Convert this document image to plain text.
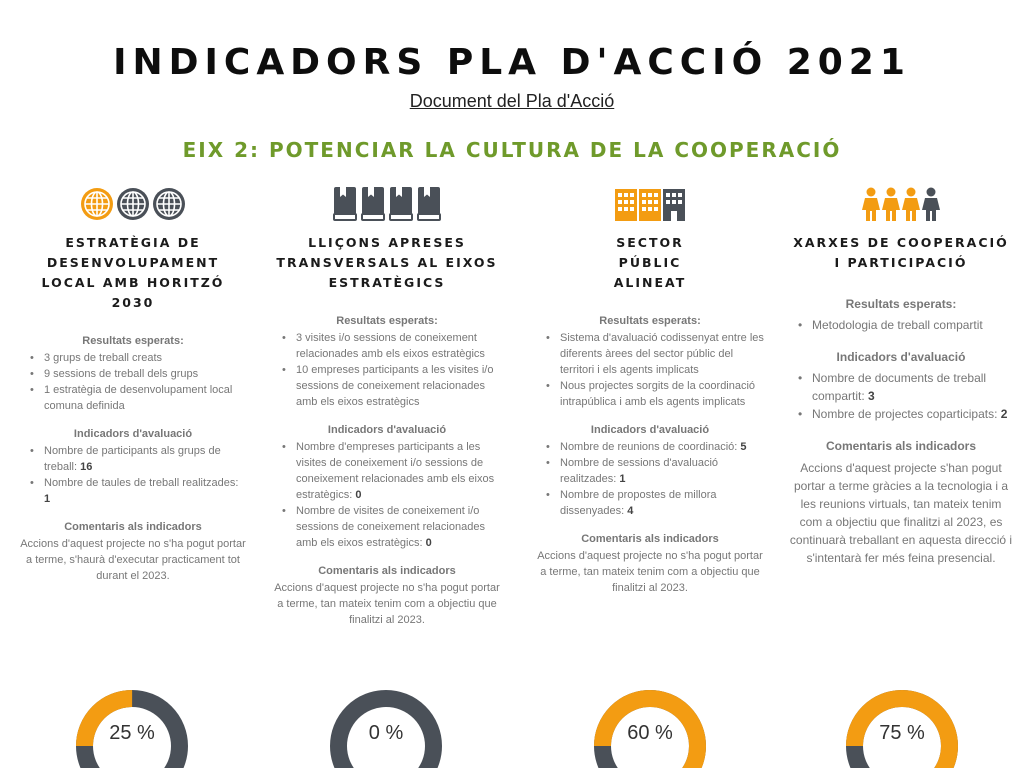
INDICADORS PLA D'ACCIÓ 2021
Document del Pla d'Acció
EIX 2: POTENCIAR LA CULTURA DE LA COOPERACIÓ
ESTRATÈGIA DE DESENVOLUPAMENT LOCAL AMB HORITZÓ 2030
Resultats esperats:
• 3 grups de treball creats
• 9 sessions de treball dels grups
• 1 estratègia de desenvolupament local comuna definida
Indicadors d'avaluació
• Nombre de participants als grups de treball: 16
• Nombre de taules de treball realitzades: 1
Comentaris als indicadors
Accions d'aquest projecte no s'ha pogut portar a terme, s'haurà d'executar practicament tot durant el 2023.
LLIÇONS APRESES TRANSVERSALS AL EIXOS ESTRATÈGICS
Resultats esperats:
• 3 visites i/o sessions de coneixement relacionades amb els eixos estratègics
• 10 empreses participants a les visites i/o sessions de coneixement relacionades amb els eixos estratègics
Indicadors d'avaluació
• Nombre d'empreses participants a les visites de coneixement i/o sessions de coneixement relacionades amb els eixos estratègics: 0
• Nombre de visites de coneixement i/o sessions de coneixement relacionades amb els eixos estratègics: 0
Comentaris als indicadors
Accions d'aquest projecte no s'ha pogut portar a terme, tan mateix tenim com a objectiu que finalitzi al 2023.
SECTOR PÚBLIC ALINEAT
Resultats esperats:
• Sistema d'avaluació codissenyat entre les diferents àrees del sector públic del territori i els agents implicats
• Nous projectes sorgits de la coordinació intrapública i amb els agents implicats
Indicadors d'avaluació
• Nombre de reunions de coordinació: 5
• Nombre de sessions d'avaluació realitzades: 1
• Nombre de propostes de millora dissenyades: 4
Comentaris als indicadors
Accions d'aquest projecte no s'ha pogut portar a terme, tan mateix tenim com a objectiu que finalitzi al 2023.
XARXES DE COOPERACIÓ I PARTICIPACIÓ
Resultats esperats:
• Metodologia de treball compartit
Indicadors d'avaluació
• Nombre de documents de treball compartit: 3
• Nombre de projectes coparticipats: 2
Comentaris als indicadors
Accions d'aquest projecte s'han pogut portar a terme gràcies a la tecnologia i a les reunions virtuals, tan mateix tenim com a objectiu que finalitzi al 2023, es continuarà treballant en aquesta direcció i s'intentarà fer més feina presencial.
25 %	0 %	60 %	75 %
